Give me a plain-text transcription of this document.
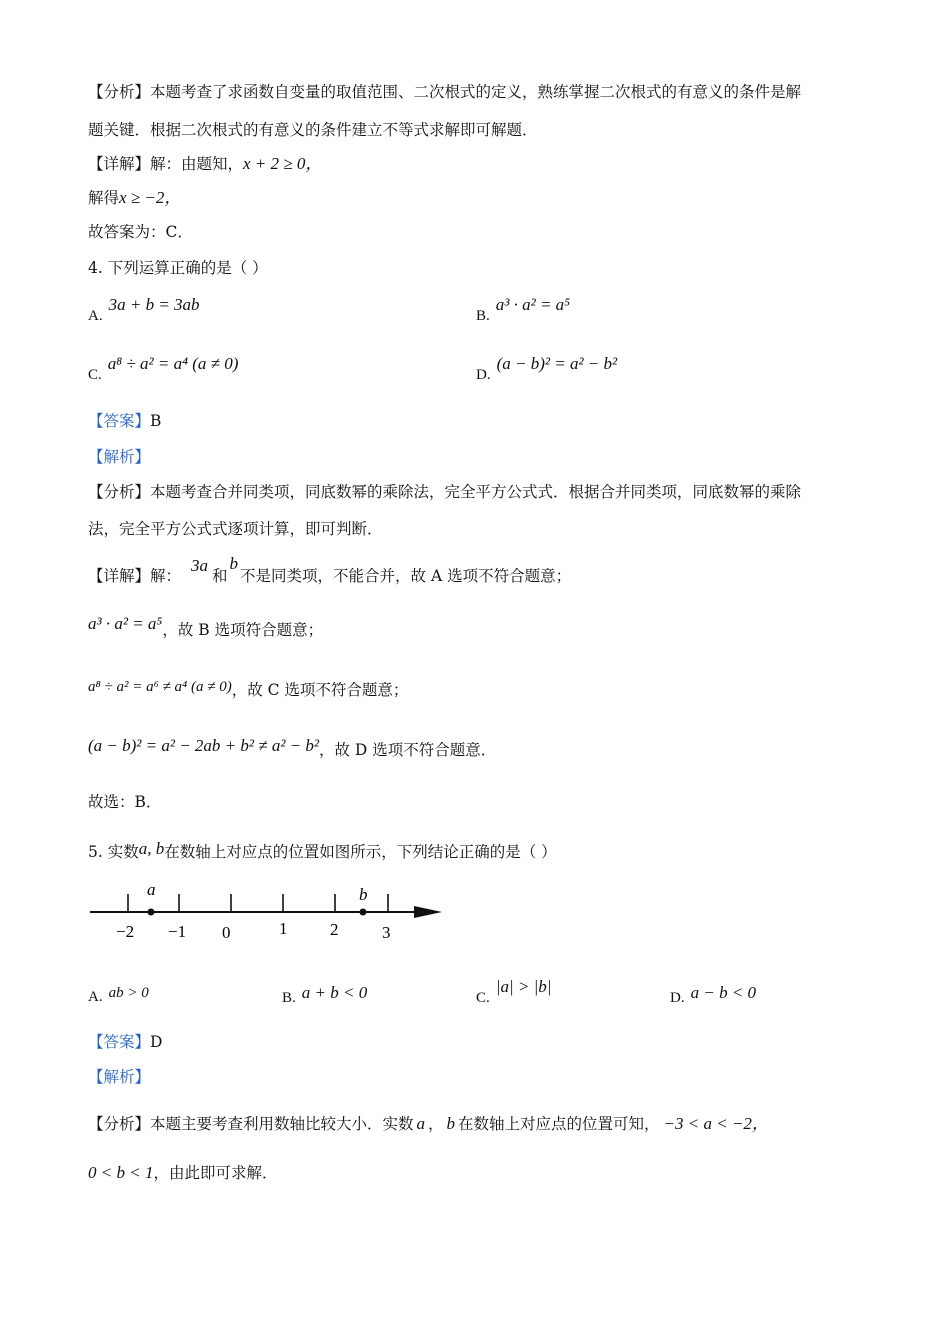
【分析】本题考查了求函数自变量的取值范围、二次根式的定义，熟练掌握二次根式的有意义的条件是解
题关键．根据二次根式的有意义的条件建立不等式求解即可解题．
【详解】解：由题知，x + 2 ≥ 0，
解得x ≥ −2，
故答案为：C．
4. 下列运算正确的是（ ）
A.3a + b = 3ab
B.a³ · a² = a⁵
C.a⁸ ÷ a² = a⁴ (a ≠ 0)
D.(a − b)² = a² − b²
【答案】B
【解析】
【分析】本题考查合并同类项，同底数幂的乘除法，完全平方公式式．根据合并同类项，同底数幂的乘除
法，完全平方公式式逐项计算，即可判断．
【详解】解：3a和b不是同类项，不能合并，故 A 选项不符合题意；
a³ · a² = a⁵，故 B 选项符合题意；
a⁸ ÷ a² = a⁶ ≠ a⁴ (a ≠ 0)，故 C 选项不符合题意；
(a − b)² = a² − 2ab + b² ≠ a² − b²，故 D 选项不符合题意．
故选：B．
5. 实数a, b在数轴上对应点的位置如图所示，下列结论正确的是（ ）
a	b
−2 −1 0	1	2	3
A. ab > 0	B. a + b < 0	C.|a| > |b|
D. a − b < 0
【答案】D
【解析】
【分析】本题主要考查利用数轴比较大小．实数 a ， b 在数轴上对应点的位置可知， −3 < a < −2，
0 < b < 1，由此即可求解．
